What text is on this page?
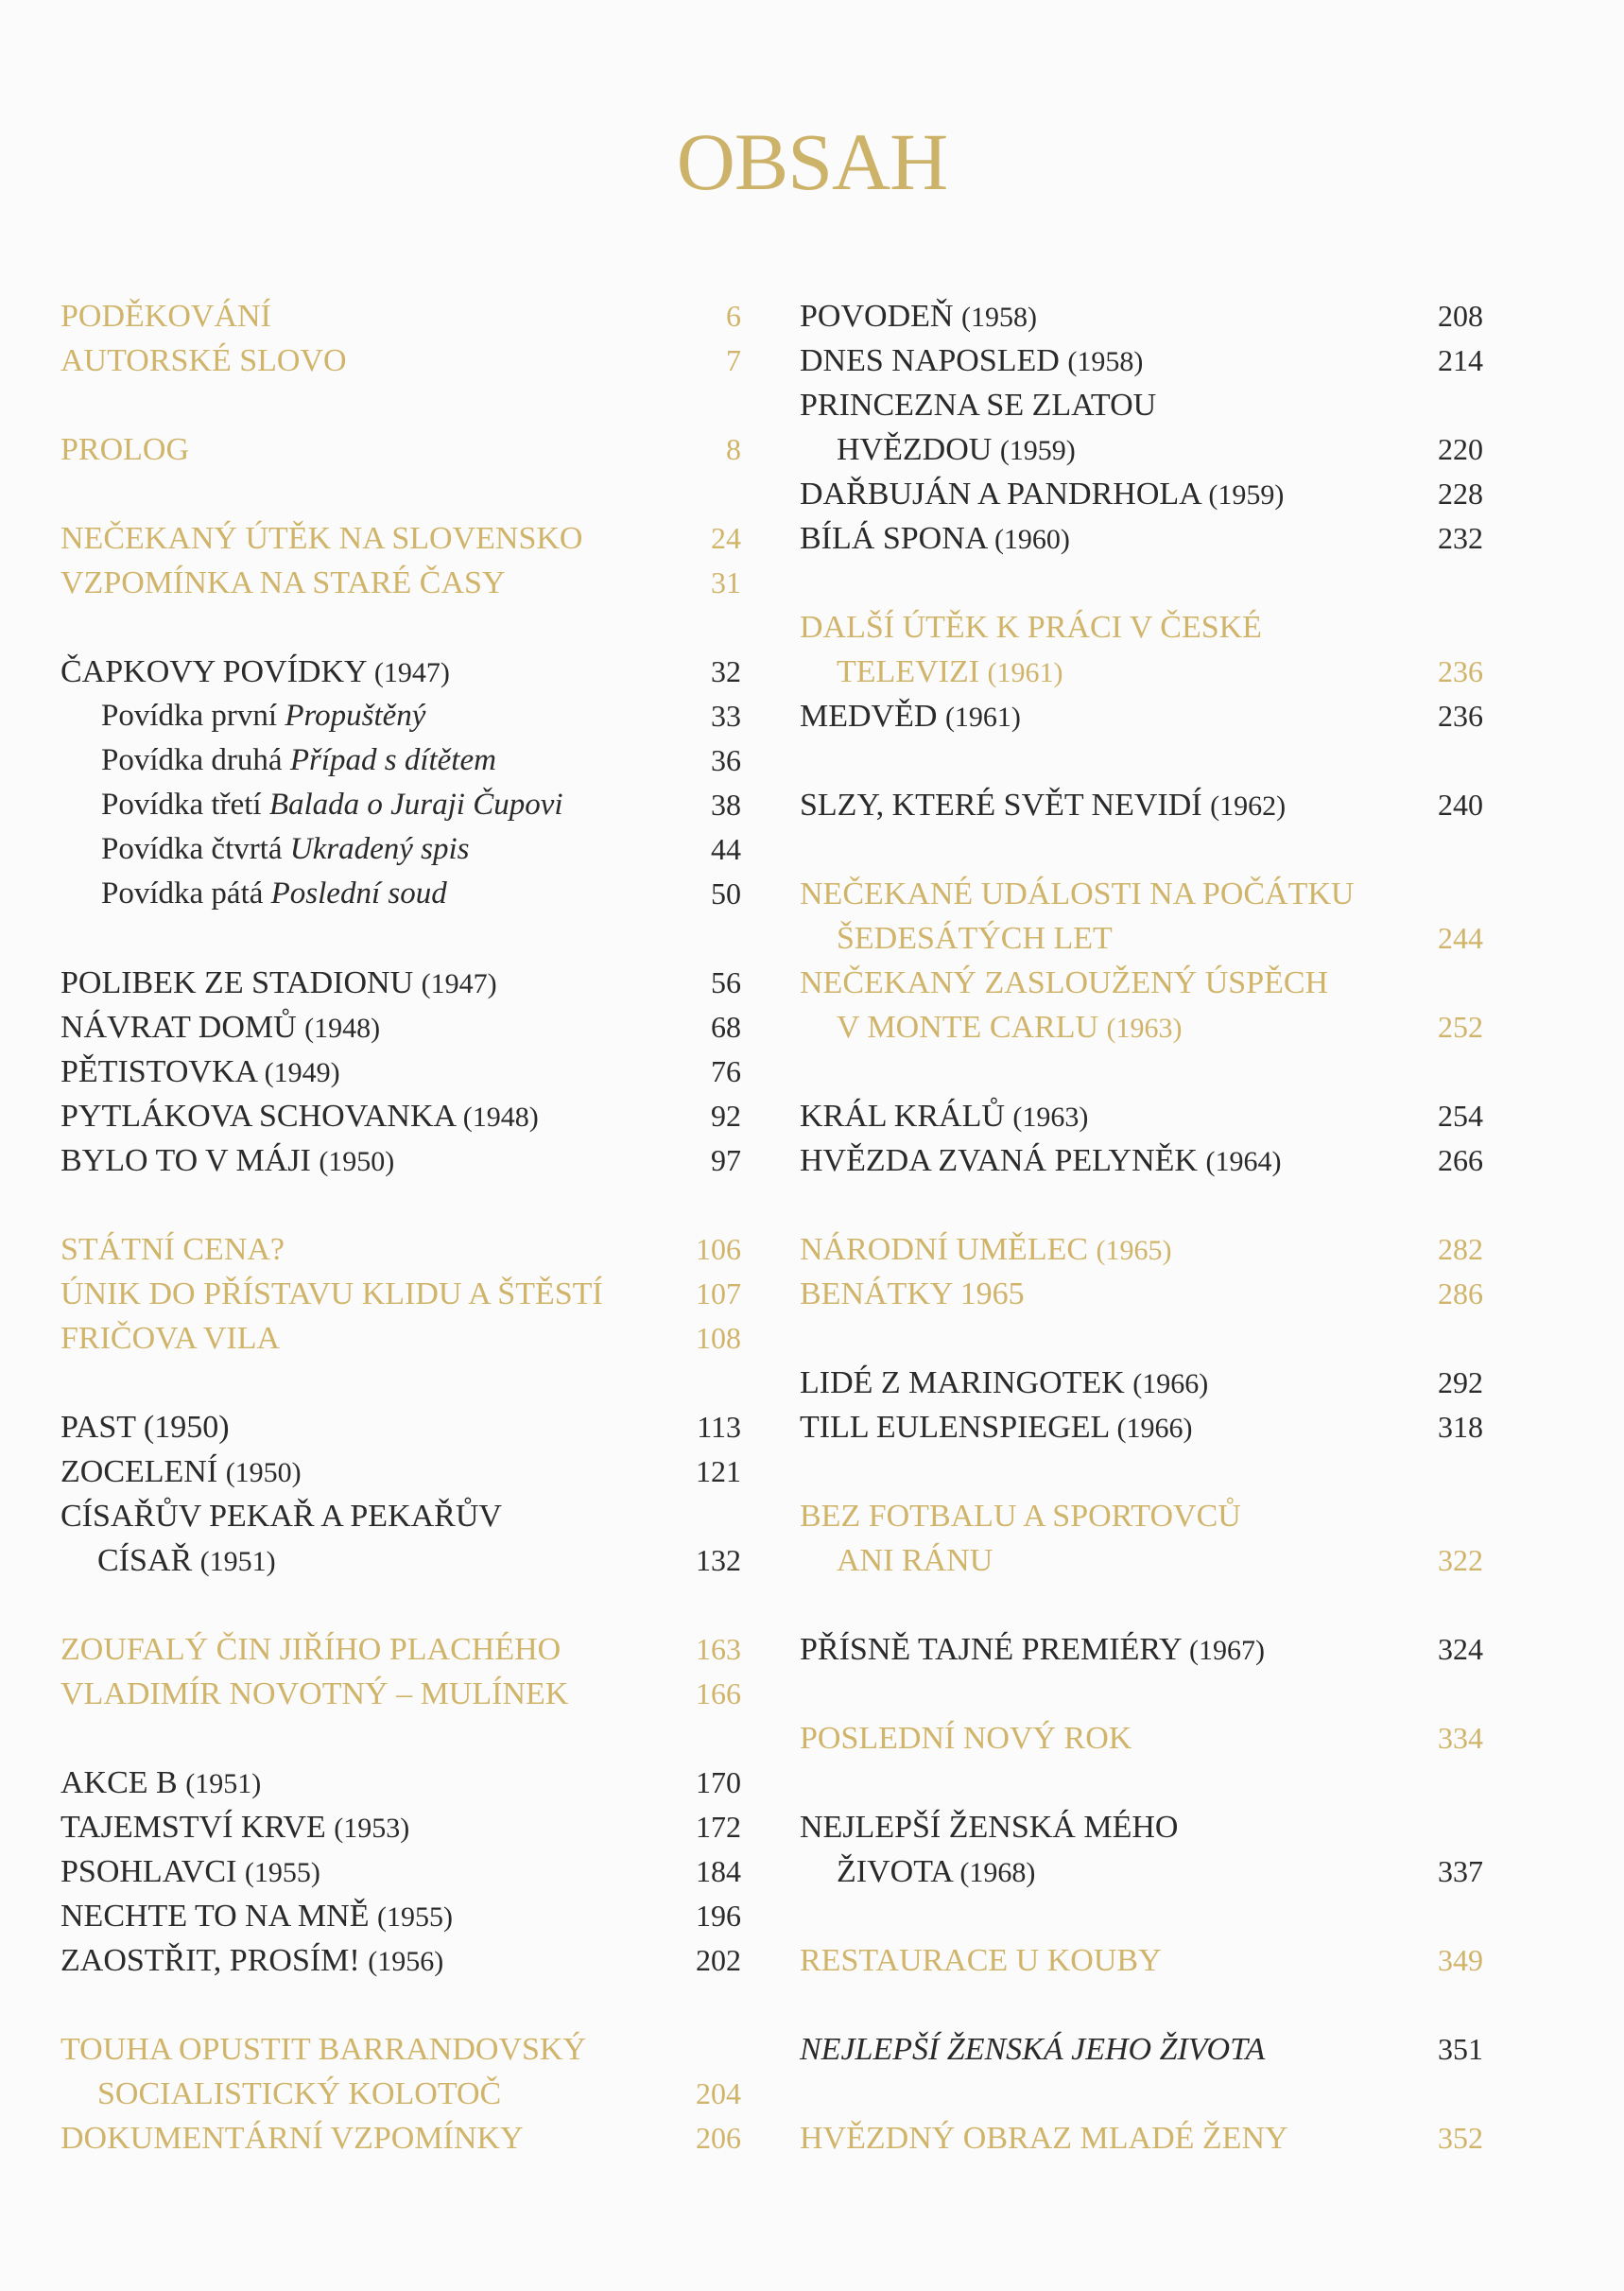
OBSAH
PODĚKOVÁNÍ	6
AUTORSKÉ SLOVO	7
PROLOG	8
NEČEKANÝ ÚTĚK NA SLOVENSKO	24
VZPOMÍNKA NA STARÉ ČASY	31
ČAPKOVY POVÍDKY (1947)	32
Povídka první Propuštěný	33
Povídka druhá Případ s dítětem	36
Povídka třetí Balada o Juraji Čupovi	38
Povídka čtvrtá Ukradený spis	44
Povídka pátá Poslední soud	50
POLIBEK ZE STADIONU (1947)	56
NÁVRAT DOMŮ (1948)	68
PĚTISTOVKA (1949)	76
PYTLÁKOVA SCHOVANKA (1948)	92
BYLO TO V MÁJI (1950)	97
STÁTNÍ CENA?	106
ÚNIK DO PŘÍSTAVU KLIDU A ŠTĚSTÍ	107
FRIČOVA VILA	108
PAST (1950)	113
ZOCELENÍ (1950)	121
CÍSAŘŮV PEKAŘ A PEKAŘŮV
CÍSAŘ (1951)	132
ZOUFALÝ ČIN JIŘÍHO PLACHÉHO	163
VLADIMÍR NOVOTNÝ – MULÍNEK	166
AKCE B (1951)	170
TAJEMSTVÍ KRVE (1953)	172
PSOHLAVCI (1955)	184
NECHTE TO NA MNĚ (1955)	196
ZAOSTŘIT, PROSÍM! (1956)	202
TOUHA OPUSTIT BARRANDOVSKÝ
SOCIALISTICKÝ KOLOTOČ	204
DOKUMENTÁRNÍ VZPOMÍNKY	206
POVODEŇ (1958)	208
DNES NAPOSLED (1958)	214
PRINCEZNA SE ZLATOU
HVĚZDOU (1959)	220
DAŘBUJÁN A PANDRHOLA (1959)	228
BÍLÁ SPONA (1960)	232
DALŠÍ ÚTĚK K PRÁCI V ČESKÉ
TELEVIZI (1961)	236
MEDVĚD (1961)	236
SLZY, KTERÉ SVĚT NEVIDÍ (1962)	240
NEČEKANÉ UDÁLOSTI NA POČÁTKU
ŠEDESÁTÝCH LET	244
NEČEKANÝ ZASLOUŽENÝ ÚSPĚCH
V MONTE CARLU (1963)	252
KRÁL KRÁLŮ (1963)	254
HVĚZDA ZVANÁ PELYNĚK (1964)	266
NÁRODNÍ UMĚLEC (1965)	282
BENÁTKY 1965	286
LIDÉ Z MARINGOTEK (1966)	292
TILL EULENSPIEGEL (1966)	318
BEZ FOTBALU A SPORTOVCŮ
ANI RÁNU	322
PŘÍSNĚ TAJNÉ PREMIÉRY (1967)	324
POSLEDNÍ NOVÝ ROK	334
NEJLEPŠÍ ŽENSKÁ MÉHO
ŽIVOTA (1968)	337
RESTAURACE U KOUBY	349
NEJLEPŠÍ ŽENSKÁ JEHO ŽIVOTA	351
HVĚZDNÝ OBRAZ MLADÉ ŽENY	352
